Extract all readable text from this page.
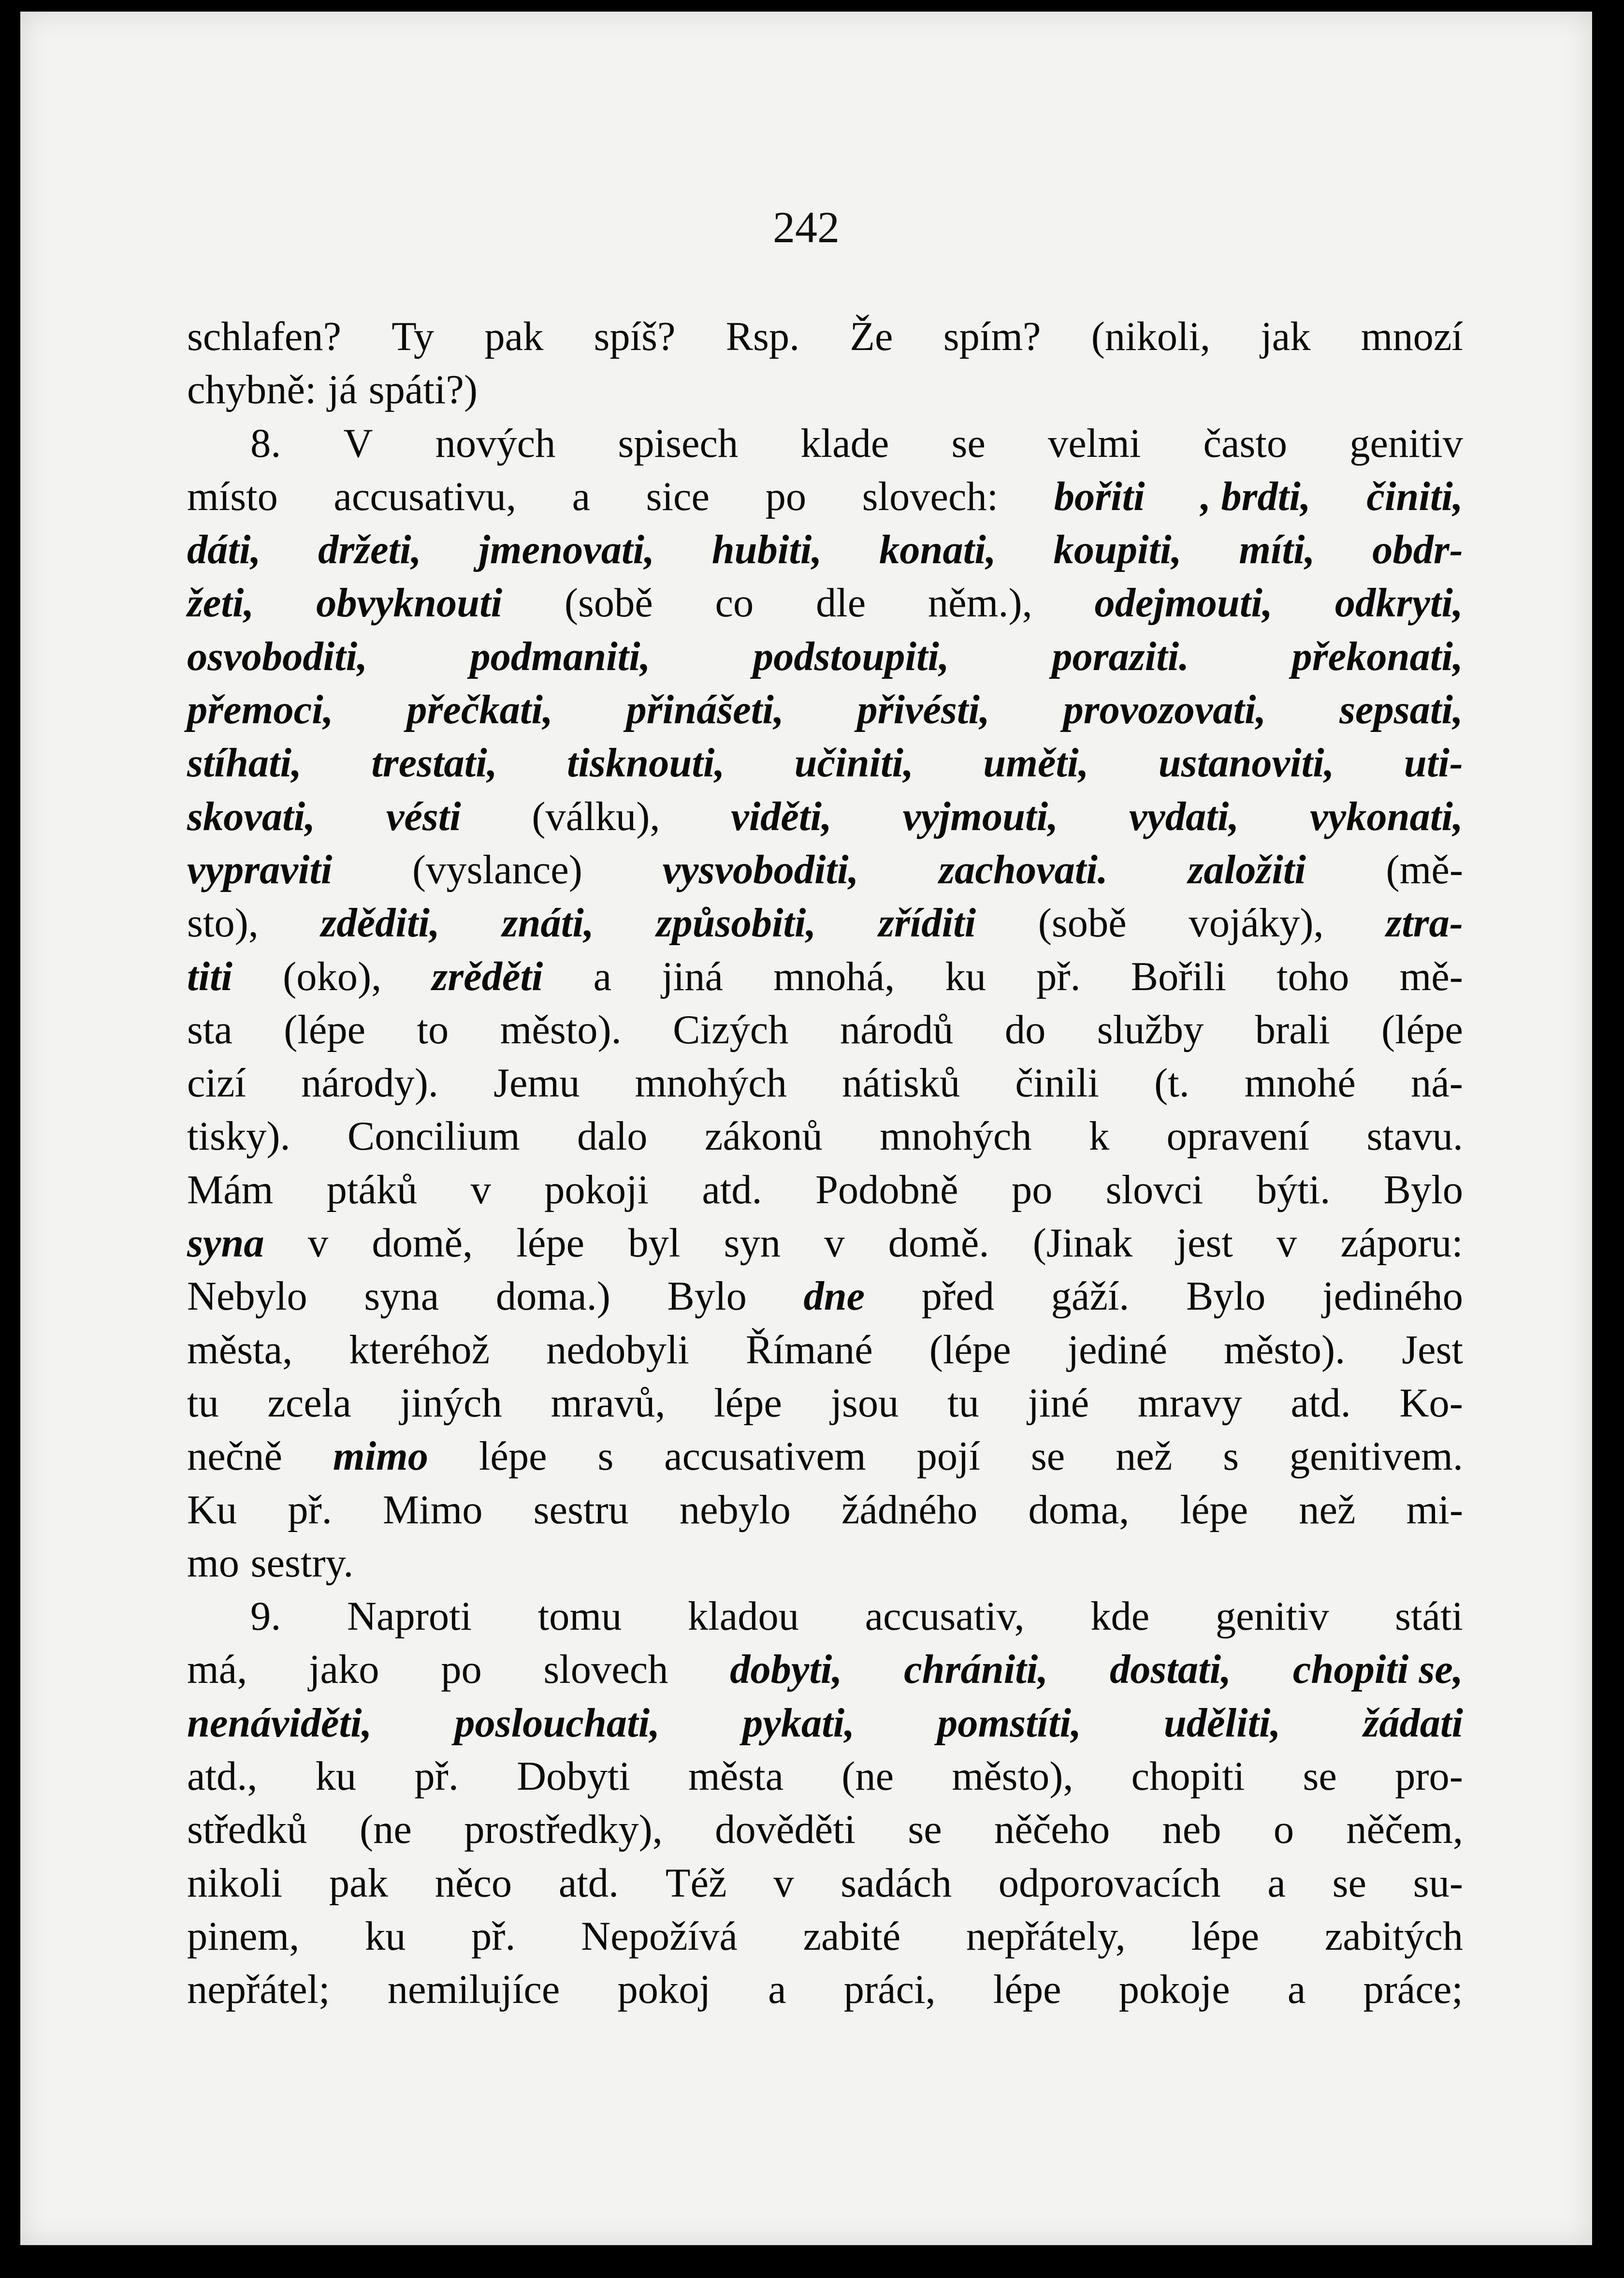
242
schlafen? Ty pak spíš? Rsp. Že spím? (nikoli, jak mnozí
chybně: já spáti?)
8. V nových spisech klade se velmi často genitiv
místo accusativu, a sice po slovech: bořiti , brdti, činiti,
dáti, držeti, jmenovati, hubiti, konati, koupiti, míti, obdr-
žeti, obvyknouti (sobě co dle něm.), odejmouti, odkryti,
osvoboditi,	podmaniti,	podstoupiti,	poraziti.	překonati,
přemoci, přečkati, přinášeti, přivésti, provozovati, sepsati,
stíhati, trestati, tisknouti, učiniti, uměti, ustanoviti, uti-
skovati, vésti (válku), viděti, vyjmouti, vydati, vykonati,
vypraviti (vyslance) vysvoboditi, zachovati. založiti (mě-
sto), zděditi, znáti, způsobiti, zříditi (sobě vojáky), ztra-
titi (oko), zrěděti a jiná mnohá, ku př. Bořili toho mě-
sta (lépe to město). Cizých národů do služby brali (lépe
cizí národy). Jemu mnohých nátisků činili (t. mnohé ná-
tisky). Concilium dalo zákonů mnohých k opravení stavu.
Mám ptáků v pokoji atd. Podobně po slovci býti. Bylo
syna v domě, lépe byl syn v domě. (Jinak jest v záporu:
Nebylo syna doma.) Bylo dne před gáží. Bylo jediného
města, kteréhož nedobyli Římané (lépe jediné město). Jest
tu zcela jiných mravů, lépe jsou tu jiné mravy atd. Ko-
nečně mimo lépe s accusativem pojí se než s genitivem.
Ku př. Mimo sestru nebylo žádného doma, lépe než mi-
mo sestry.
9. Naproti tomu kladou accusativ, kde genitiv státi
má, jako po slovech dobyti, chrániti, dostati, chopiti se,
nenáviděti, poslouchati, pykati, pomstíti, uděliti, žádati
atd., ku př. Dobyti města (ne město), chopiti se pro-
středků (ne prostředky), dověděti se něčeho neb o něčem,
nikoli pak něco atd. Též v sadách odporovacích a se su-
pinem, ku př. Nepožívá zabité nepřátely, lépe zabitých
nepřátel; nemilujíce pokoj a práci, lépe pokoje a práce;
